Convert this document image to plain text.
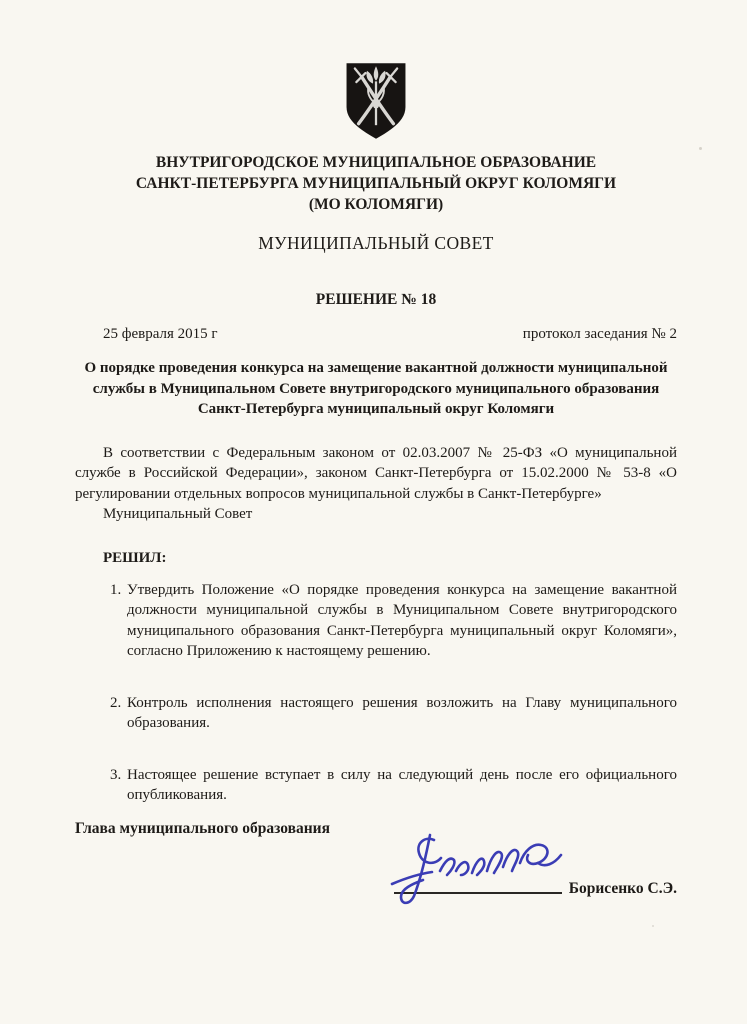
ВНУТРИГОРОДСКОЕ МУНИЦИПАЛЬНОЕ ОБРАЗОВАНИЕ
САНКТ-ПЕТЕРБУРГА МУНИЦИПАЛЬНЫЙ ОКРУГ КОЛОМЯГИ
(МО КОЛОМЯГИ)
МУНИЦИПАЛЬНЫЙ СОВЕТ
РЕШЕНИЕ № 18
25 февраля 2015 г	протокол заседания № 2
О порядке проведения конкурса на замещение вакантной должности муниципальной службы в Муниципальном Совете внутригородского муниципального образования Санкт-Петербурга муниципальный округ Коломяги
В соответствии с Федеральным законом от 02.03.2007 № 25-ФЗ «О муниципальной службе в Российской Федерации», законом Санкт-Петербурга от 15.02.2000 № 53-8 «О регулировании отдельных вопросов муниципальной службы в Санкт-Петербурге»
Муниципальный Совет
РЕШИЛ:
1. Утвердить Положение «О порядке проведения конкурса на замещение вакантной должности муниципальной службы в Муниципальном Совете внутригородского муниципального образования Санкт-Петербурга муниципальный округ Коломяги», согласно Приложению к настоящему решению.
2. Контроль исполнения настоящего решения возложить на Главу муниципального образования.
3. Настоящее решение вступает в силу на следующий день после его официального опубликования.
Глава муниципального образования
Борисенко С.Э.
